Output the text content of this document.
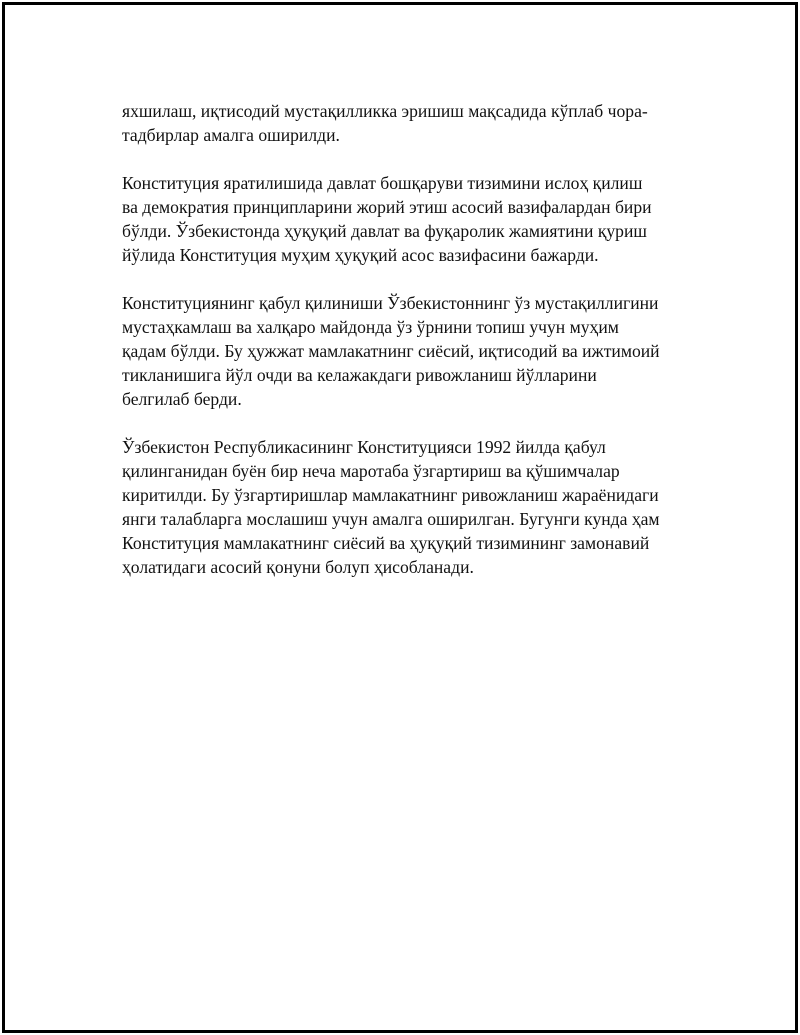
яхшилаш, иқтисодий мустақилликка эришиш мақсадида кўплаб чора-
тадбирлар амалга оширилди.

Конституция яратилишида давлат бошқаруви тизимини ислоҳ қилиш
ва демократия принципларини жорий этиш асосий вазифалардан бири
бўлди. Ўзбекистонда ҳуқуқий давлат ва фуқаролик жамиятини қуриш
йўлида Конституция муҳим ҳуқуқий асос вазифасини бажарди.

Конституциянинг қабул қилиниши Ўзбекистоннинг ўз мустақиллигини
мустаҳкамлаш ва халқаро майдонда ўз ўрнини топиш учун муҳим
қадам бўлди. Бу ҳужжат мамлакатнинг сиёсий, иқтисодий ва ижтимоий
тикланишига йўл очди ва келажакдаги ривожланиш йўлларини
белгилаб берди.

Ўзбекистон Республикасининг Конституцияси 1992 йилда қабул
қилинганидан буён бир неча маротаба ўзгартириш ва қўшимчалар
киритилди. Бу ўзгартиришлар мамлакатнинг ривожланиш жараёнидаги
янги талабларга мослашиш учун амалга оширилган. Бугунги кунда ҳам
Конституция мамлакатнинг сиёсий ва ҳуқуқий тизимининг замонавий
ҳолатидаги асосий қонуни болуп ҳисобланади.
